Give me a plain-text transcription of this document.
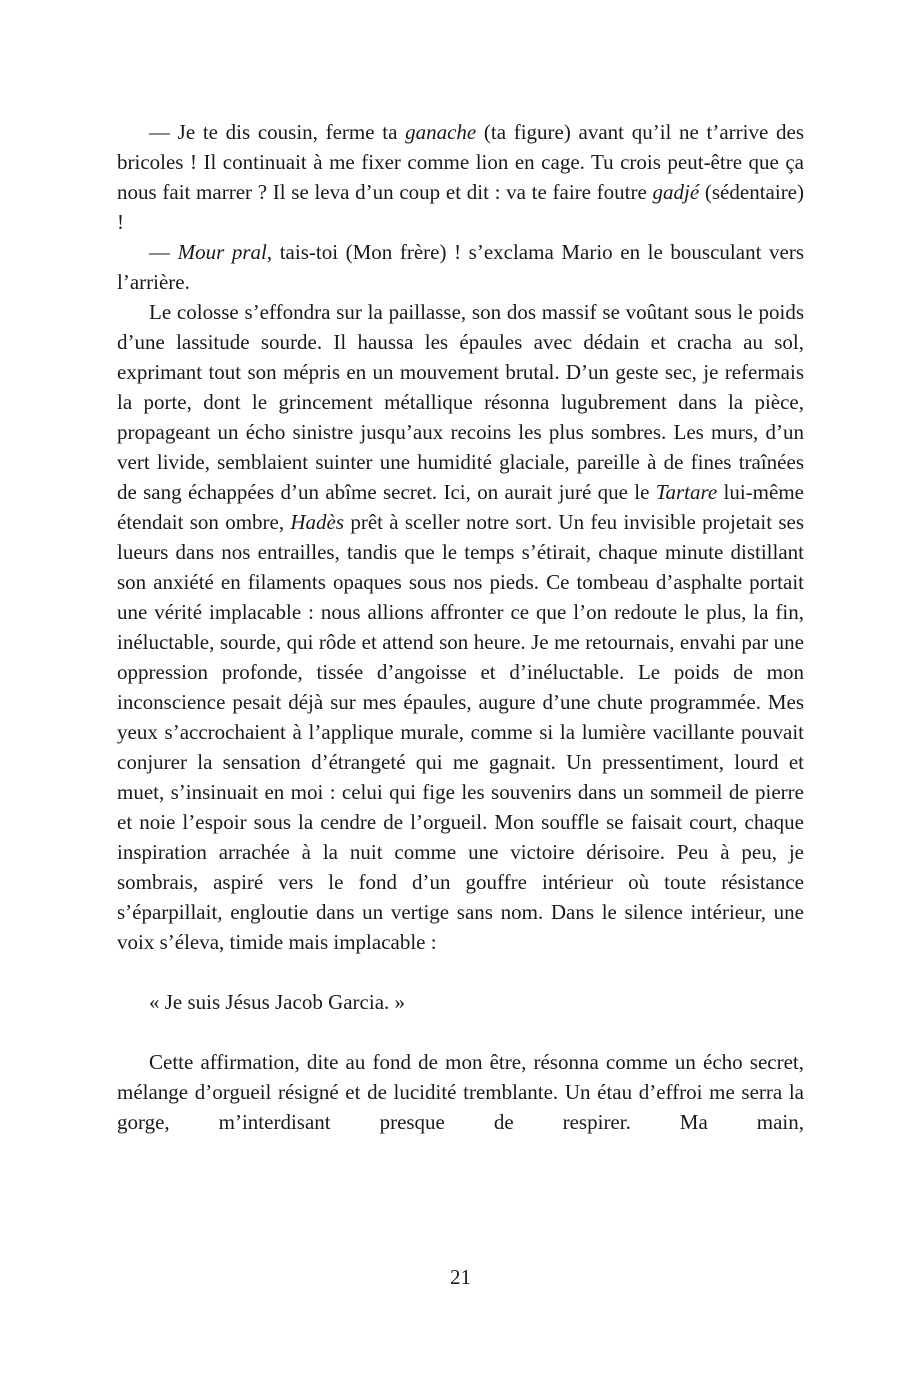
— Je te dis cousin, ferme ta ganache (ta figure) avant qu’il ne t’arrive des bricoles ! Il continuait à me fixer comme lion en cage. Tu crois peut-être que ça nous fait marrer ? Il se leva d’un coup et dit : va te faire foutre gadjé (sédentaire) !

— Mour pral, tais-toi (Mon frère) ! s’exclama Mario en le bousculant vers l’arrière.

Le colosse s’effondra sur la paillasse, son dos massif se voûtant sous le poids d’une lassitude sourde. Il haussa les épaules avec dédain et cracha au sol, exprimant tout son mépris en un mouvement brutal. D’un geste sec, je refermais la porte, dont le grincement métallique résonna lugubrement dans la pièce, propageant un écho sinistre jusqu’aux recoins les plus sombres. Les murs, d’un vert livide, semblaient suinter une humidité glaciale, pareille à de fines traînées de sang échappées d’un abîme secret. Ici, on aurait juré que le Tartare lui-même étendait son ombre, Hadès prêt à sceller notre sort. Un feu invisible projetait ses lueurs dans nos entrailles, tandis que le temps s’étirait, chaque minute distillant son anxiété en filaments opaques sous nos pieds. Ce tombeau d’asphalte portait une vérité implacable : nous allions affronter ce que l’on redoute le plus, la fin, inéluctable, sourde, qui rôde et attend son heure. Je me retournais, envahi par une oppression profonde, tissée d’angoisse et d’inéluctable. Le poids de mon inconscience pesait déjà sur mes épaules, augure d’une chute programmée. Mes yeux s’accrochaient à l’applique murale, comme si la lumière vacillante pouvait conjurer la sensation d’étrangeté qui me gagnait. Un pressentiment, lourd et muet, s’insinuait en moi : celui qui fige les souvenirs dans un sommeil de pierre et noie l’espoir sous la cendre de l’orgueil. Mon souffle se faisait court, chaque inspiration arrachée à la nuit comme une victoire dérisoire. Peu à peu, je sombrais, aspiré vers le fond d’un gouffre intérieur où toute résistance s’éparpillait, engloutie dans un vertige sans nom. Dans le silence intérieur, une voix s’éleva, timide mais implacable :

« Je suis Jésus Jacob Garcia. »

Cette affirmation, dite au fond de mon être, résonna comme un écho secret, mélange d’orgueil résigné et de lucidité tremblante. Un étau d’effroi me serra la gorge, m’interdisant presque de respirer. Ma main,

21
